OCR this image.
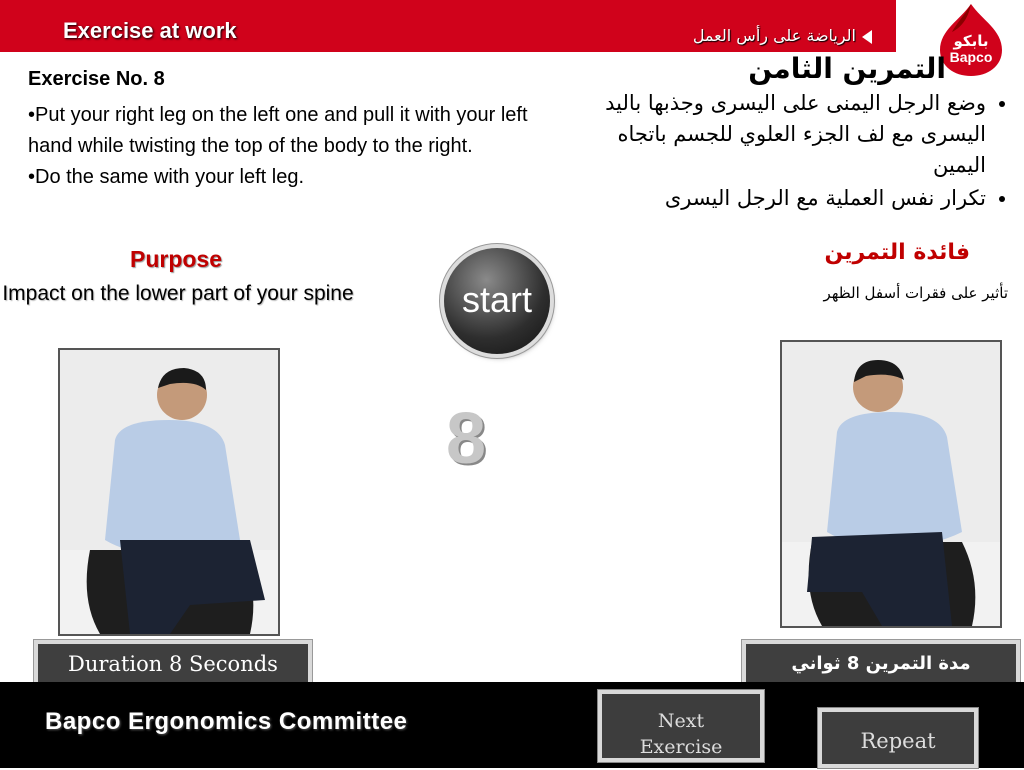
Exercise at work	الرياضة على رأس العمل	بابكو
Bapco
Exercise No. 8

•Put your right leg on the left one and pull it with your left hand while twisting the top of the body to the right.

•Do the same with your left leg.

Purpose
Impact on the lower part of your spine
التمرين الثامن
• وضع الرجل اليمنى على اليسرى وجذبها باليد اليسرى مع لف الجزء العلوي للجسم باتجاه اليمين
• تكرار نفس العملية مع الرجل اليسرى
فائدة التمرين
تأثير على فقرات أسفل الظهر
start
8
Duration 8 Seconds	مدة التمرين 8 ثواني
Bapco Ergonomics Committee	Next
Exercise	Repeat
